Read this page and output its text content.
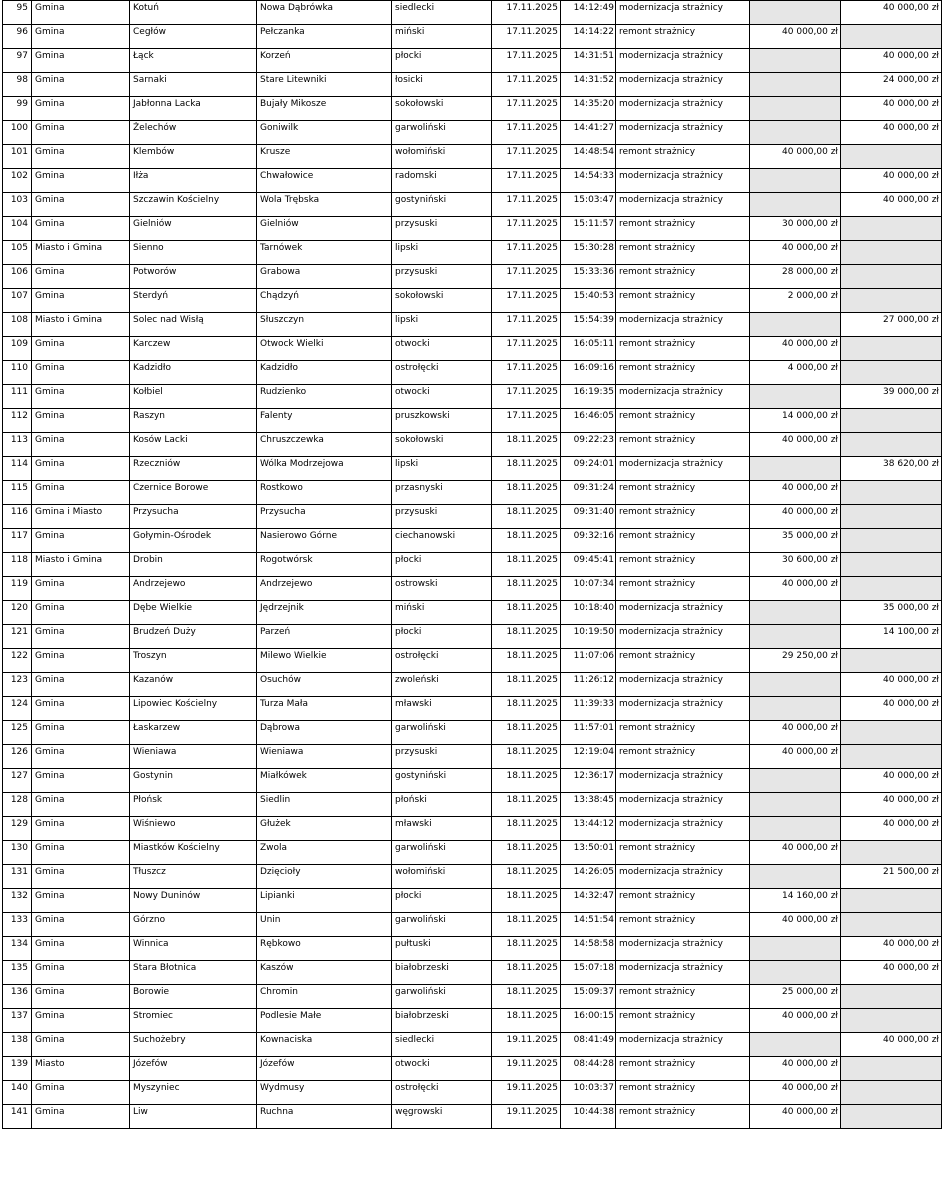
95	Gmina	Kotuń	Nowa Dąbrówka	siedlecki	17.11.2025	14:12:49	modernizacja strażnicy		40 000,00 zł
96	Gmina	Cegłów	Pełczanka	miński	17.11.2025	14:14:22	remont strażnicy	40 000,00 zł	
97	Gmina	Łąck	Korzeń	płocki	17.11.2025	14:31:51	modernizacja strażnicy		40 000,00 zł
98	Gmina	Sarnaki	Stare Litewniki	łosicki	17.11.2025	14:31:52	modernizacja strażnicy		24 000,00 zł
99	Gmina	Jabłonna Lacka	Bujały Mikosze	sokołowski	17.11.2025	14:35:20	modernizacja strażnicy		40 000,00 zł
100	Gmina	Żelechów	Goniwilk	garwoliński	17.11.2025	14:41:27	modernizacja strażnicy		40 000,00 zł
101	Gmina	Klembów	Krusze	wołomiński	17.11.2025	14:48:54	remont strażnicy	40 000,00 zł	
102	Gmina	Iłża	Chwałowice	radomski	17.11.2025	14:54:33	modernizacja strażnicy		40 000,00 zł
103	Gmina	Szczawin Kościelny	Wola Trębska	gostyniński	17.11.2025	15:03:47	modernizacja strażnicy		40 000,00 zł
104	Gmina	Gielniów	Gielniów	przysuski	17.11.2025	15:11:57	remont strażnicy	30 000,00 zł	
105	Miasto i Gmina	Sienno	Tarnówek	lipski	17.11.2025	15:30:28	remont strażnicy	40 000,00 zł	
106	Gmina	Potworów	Grabowa	przysuski	17.11.2025	15:33:36	remont strażnicy	28 000,00 zł	
107	Gmina	Sterdyń	Chądzyń	sokołowski	17.11.2025	15:40:53	remont strażnicy	2 000,00 zł	
108	Miasto i Gmina	Solec nad Wisłą	Słuszczyn	lipski	17.11.2025	15:54:39	modernizacja strażnicy		27 000,00 zł
109	Gmina	Karczew	Otwock Wielki	otwocki	17.11.2025	16:05:11	remont strażnicy	40 000,00 zł	
110	Gmina	Kadzidło	Kadzidło	ostrołęcki	17.11.2025	16:09:16	remont strażnicy	4 000,00 zł	
111	Gmina	Kołbiel	Rudzienko	otwocki	17.11.2025	16:19:35	modernizacja strażnicy		39 000,00 zł
112	Gmina	Raszyn	Falenty	pruszkowski	17.11.2025	16:46:05	remont strażnicy	14 000,00 zł	
113	Gmina	Kosów Lacki	Chruszczewka	sokołowski	18.11.2025	09:22:23	remont strażnicy	40 000,00 zł	
114	Gmina	Rzeczniów	Wólka Modrzejowa	lipski	18.11.2025	09:24:01	modernizacja strażnicy		38 620,00 zł
115	Gmina	Czernice Borowe	Rostkowo	przasnyski	18.11.2025	09:31:24	remont strażnicy	40 000,00 zł	
116	Gmina i Miasto	Przysucha	Przysucha	przysuski	18.11.2025	09:31:40	remont strażnicy	40 000,00 zł	
117	Gmina	Gołymin-Ośrodek	Nasierowo Górne	ciechanowski	18.11.2025	09:32:16	remont strażnicy	35 000,00 zł	
118	Miasto i Gmina	Drobin	Rogotwórsk	płocki	18.11.2025	09:45:41	remont strażnicy	30 600,00 zł	
119	Gmina	Andrzejewo	Andrzejewo	ostrowski	18.11.2025	10:07:34	remont strażnicy	40 000,00 zł	
120	Gmina	Dębe Wielkie	Jędrzejnik	miński	18.11.2025	10:18:40	modernizacja strażnicy		35 000,00 zł
121	Gmina	Brudzeń Duży	Parzeń	płocki	18.11.2025	10:19:50	modernizacja strażnicy		14 100,00 zł
122	Gmina	Troszyn	Milewo Wielkie	ostrołęcki	18.11.2025	11:07:06	remont strażnicy	29 250,00 zł	
123	Gmina	Kazanów	Osuchów	zwoleński	18.11.2025	11:26:12	modernizacja strażnicy		40 000,00 zł
124	Gmina	Lipowiec Kościelny	Turza Mała	mławski	18.11.2025	11:39:33	modernizacja strażnicy		40 000,00 zł
125	Gmina	Łaskarzew	Dąbrowa	garwoliński	18.11.2025	11:57:01	remont strażnicy	40 000,00 zł	
126	Gmina	Wieniawa	Wieniawa	przysuski	18.11.2025	12:19:04	remont strażnicy	40 000,00 zł	
127	Gmina	Gostynin	Miałkówek	gostyniński	18.11.2025	12:36:17	modernizacja strażnicy		40 000,00 zł
128	Gmina	Płońsk	Siedlin	płoński	18.11.2025	13:38:45	modernizacja strażnicy		40 000,00 zł
129	Gmina	Wiśniewo	Głużek	mławski	18.11.2025	13:44:12	modernizacja strażnicy		40 000,00 zł
130	Gmina	Miastków Kościelny	Zwola	garwoliński	18.11.2025	13:50:01	remont strażnicy	40 000,00 zł	
131	Gmina	Tłuszcz	Dzięcioły	wołomiński	18.11.2025	14:26:05	modernizacja strażnicy		21 500,00 zł
132	Gmina	Nowy Duninów	Lipianki	płocki	18.11.2025	14:32:47	remont strażnicy	14 160,00 zł	
133	Gmina	Górzno	Unin	garwoliński	18.11.2025	14:51:54	remont strażnicy	40 000,00 zł	
134	Gmina	Winnica	Rębkowo	pułtuski	18.11.2025	14:58:58	modernizacja strażnicy		40 000,00 zł
135	Gmina	Stara Błotnica	Kaszów	białobrzeski	18.11.2025	15:07:18	modernizacja strażnicy		40 000,00 zł
136	Gmina	Borowie	Chromin	garwoliński	18.11.2025	15:09:37	remont strażnicy	25 000,00 zł	
137	Gmina	Stromiec	Podlesie Małe	białobrzeski	18.11.2025	16:00:15	remont strażnicy	40 000,00 zł	
138	Gmina	Suchożebry	Kownaciska	siedlecki	19.11.2025	08:41:49	modernizacja strażnicy		40 000,00 zł
139	Miasto	Józefów	Józefów	otwocki	19.11.2025	08:44:28	remont strażnicy	40 000,00 zł	
140	Gmina	Myszyniec	Wydmusy	ostrołęcki	19.11.2025	10:03:37	remont strażnicy	40 000,00 zł	
141	Gmina	Liw	Ruchna	węgrowski	19.11.2025	10:44:38	remont strażnicy	40 000,00 zł	
